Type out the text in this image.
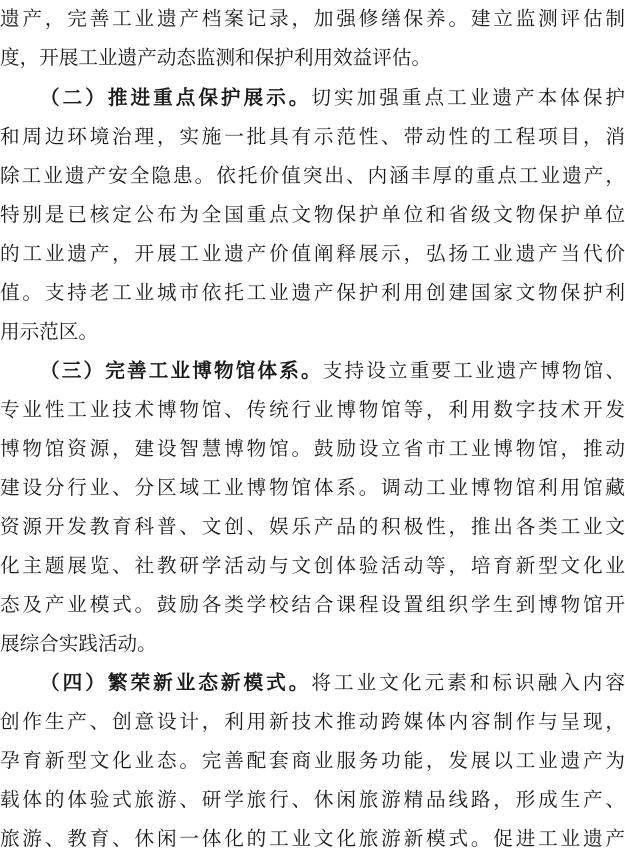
遗产，完善工业遗产档案记录，加强修缮保养。建立监测评估制
度，开展工业遗产动态监测和保护利用效益评估。
（二）推进重点保护展示。切实加强重点工业遗产本体保护
和周边环境治理，实施一批具有示范性、带动性的工程项目，消
除工业遗产安全隐患。依托价值突出、内涵丰厚的重点工业遗产，
特别是已核定公布为全国重点文物保护单位和省级文物保护单位
的工业遗产，开展工业遗产价值阐释展示，弘扬工业遗产当代价
值。支持老工业城市依托工业遗产保护利用创建国家文物保护利
用示范区。
（三）完善工业博物馆体系。支持设立重要工业遗产博物馆、
专业性工业技术博物馆、传统行业博物馆等，利用数字技术开发
博物馆资源，建设智慧博物馆。鼓励设立省市工业博物馆，推动
建设分行业、分区域工业博物馆体系。调动工业博物馆利用馆藏
资源开发教育科普、文创、娱乐产品的积极性，推出各类工业文
化主题展览、社教研学活动与文创体验活动等，培育新型文化业
态及产业模式。鼓励各类学校结合课程设置组织学生到博物馆开
展综合实践活动。
（四）繁荣新业态新模式。将工业文化元素和标识融入内容
创作生产、创意设计，利用新技术推动跨媒体内容制作与呈现，
孕育新型文化业态。完善配套商业服务功能，发展以工业遗产为
载体的体验式旅游、研学旅行、休闲旅游精品线路，形成生产、
旅游、教育、休闲一体化的工业文化旅游新模式。促进工业遗产
